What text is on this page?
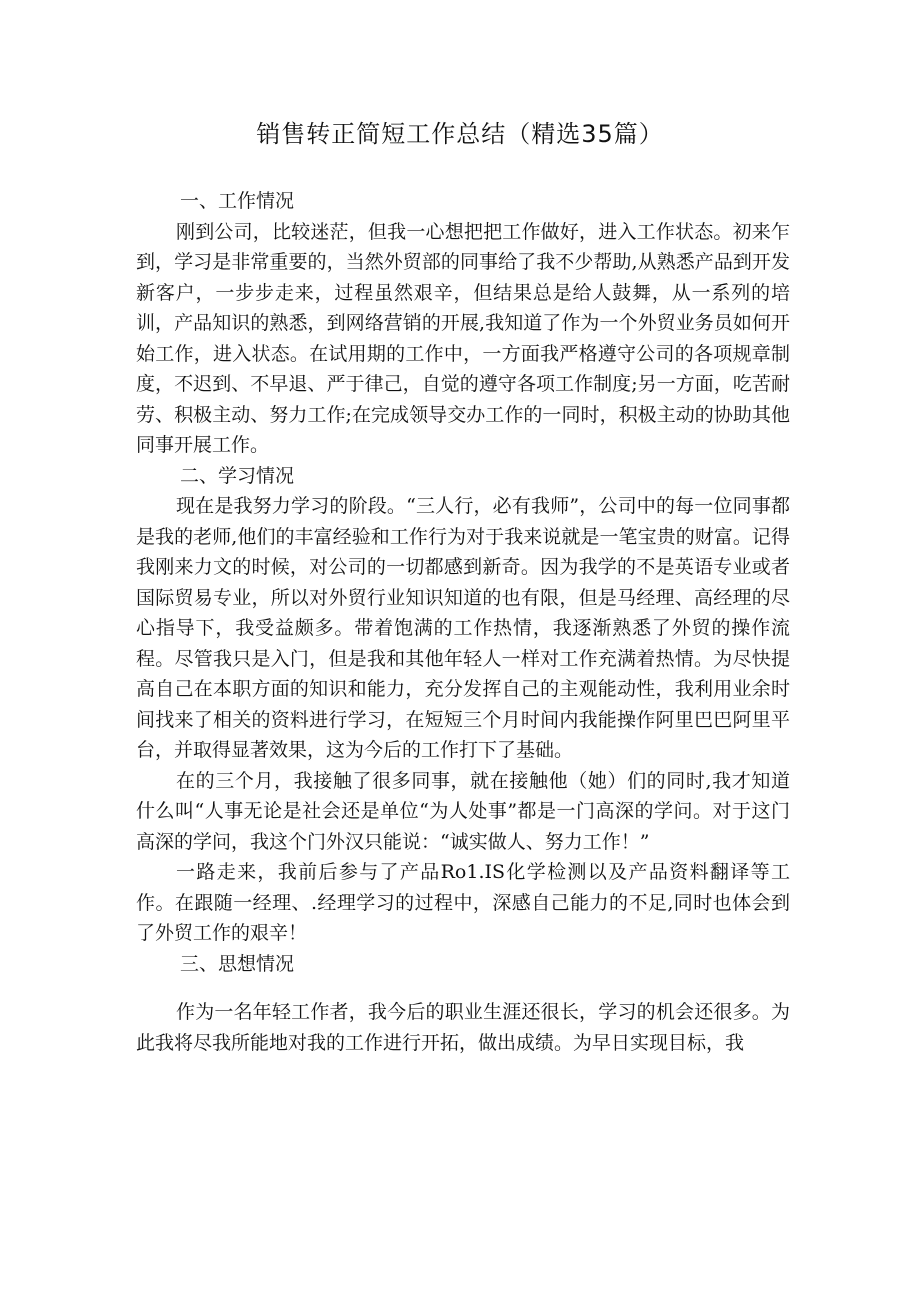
销售转正简短工作总结（精选35篇）
一、工作情况

刚到公司，比较迷茫，但我一心想把把工作做好，进入工作状态。初来乍到，学习是非常重要的，当然外贸部的同事给了我不少帮助,从熟悉产品到开发新客户，一步步走来，过程虽然艰辛，但结果总是给人鼓舞，从一系列的培训，产品知识的熟悉，到网络营销的开展,我知道了作为一个外贸业务员如何开始工作，进入状态。在试用期的工作中，一方面我严格遵守公司的各项规章制度，不迟到、不早退、严于律己，自觉的遵守各项工作制度;另一方面，吃苦耐劳、积极主动、努力工作;在完成领导交办工作的一同时，积极主动的协助其他同事开展工作。

二、学习情况

现在是我努力学习的阶段。“三人行，必有我师”，公司中的每一位同事都是我的老师,他们的丰富经验和工作行为对于我来说就是一笔宝贵的财富。记得我刚来力文的时候，对公司的一切都感到新奇。因为我学的不是英语专业或者国际贸易专业，所以对外贸行业知识知道的也有限，但是马经理、高经理的尽心指导下，我受益颇多。带着饱满的工作热情，我逐渐熟悉了外贸的操作流程。尽管我只是入门，但是我和其他年轻人一样对工作充满着热情。为尽快提高自己在本职方面的知识和能力，充分发挥自己的主观能动性，我利用业余时间找来了相关的资料进行学习，在短短三个月时间内我能操作阿里巴巴阿里平台，并取得显著效果，这为今后的工作打下了基础。

在的三个月，我接触了很多同事，就在接触他（她）们的同时,我才知道什么叫“人事无论是社会还是单位“为人处事”都是一门高深的学问。对于这门高深的学问，我这个门外汉只能说：“诚实做人、努力工作！”

一路走来，我前后参与了产品Ro1.IS化学检测以及产品资料翻译等工作。在跟随一经理、.经理学习的过程中，深感自己能力的不足,同时也体会到了外贸工作的艰辛！

三、思想情况

作为一名年轻工作者，我今后的职业生涯还很长，学习的机会还很多。为此我将尽我所能地对我的工作进行开拓，做出成绩。为早日实现目标，我
